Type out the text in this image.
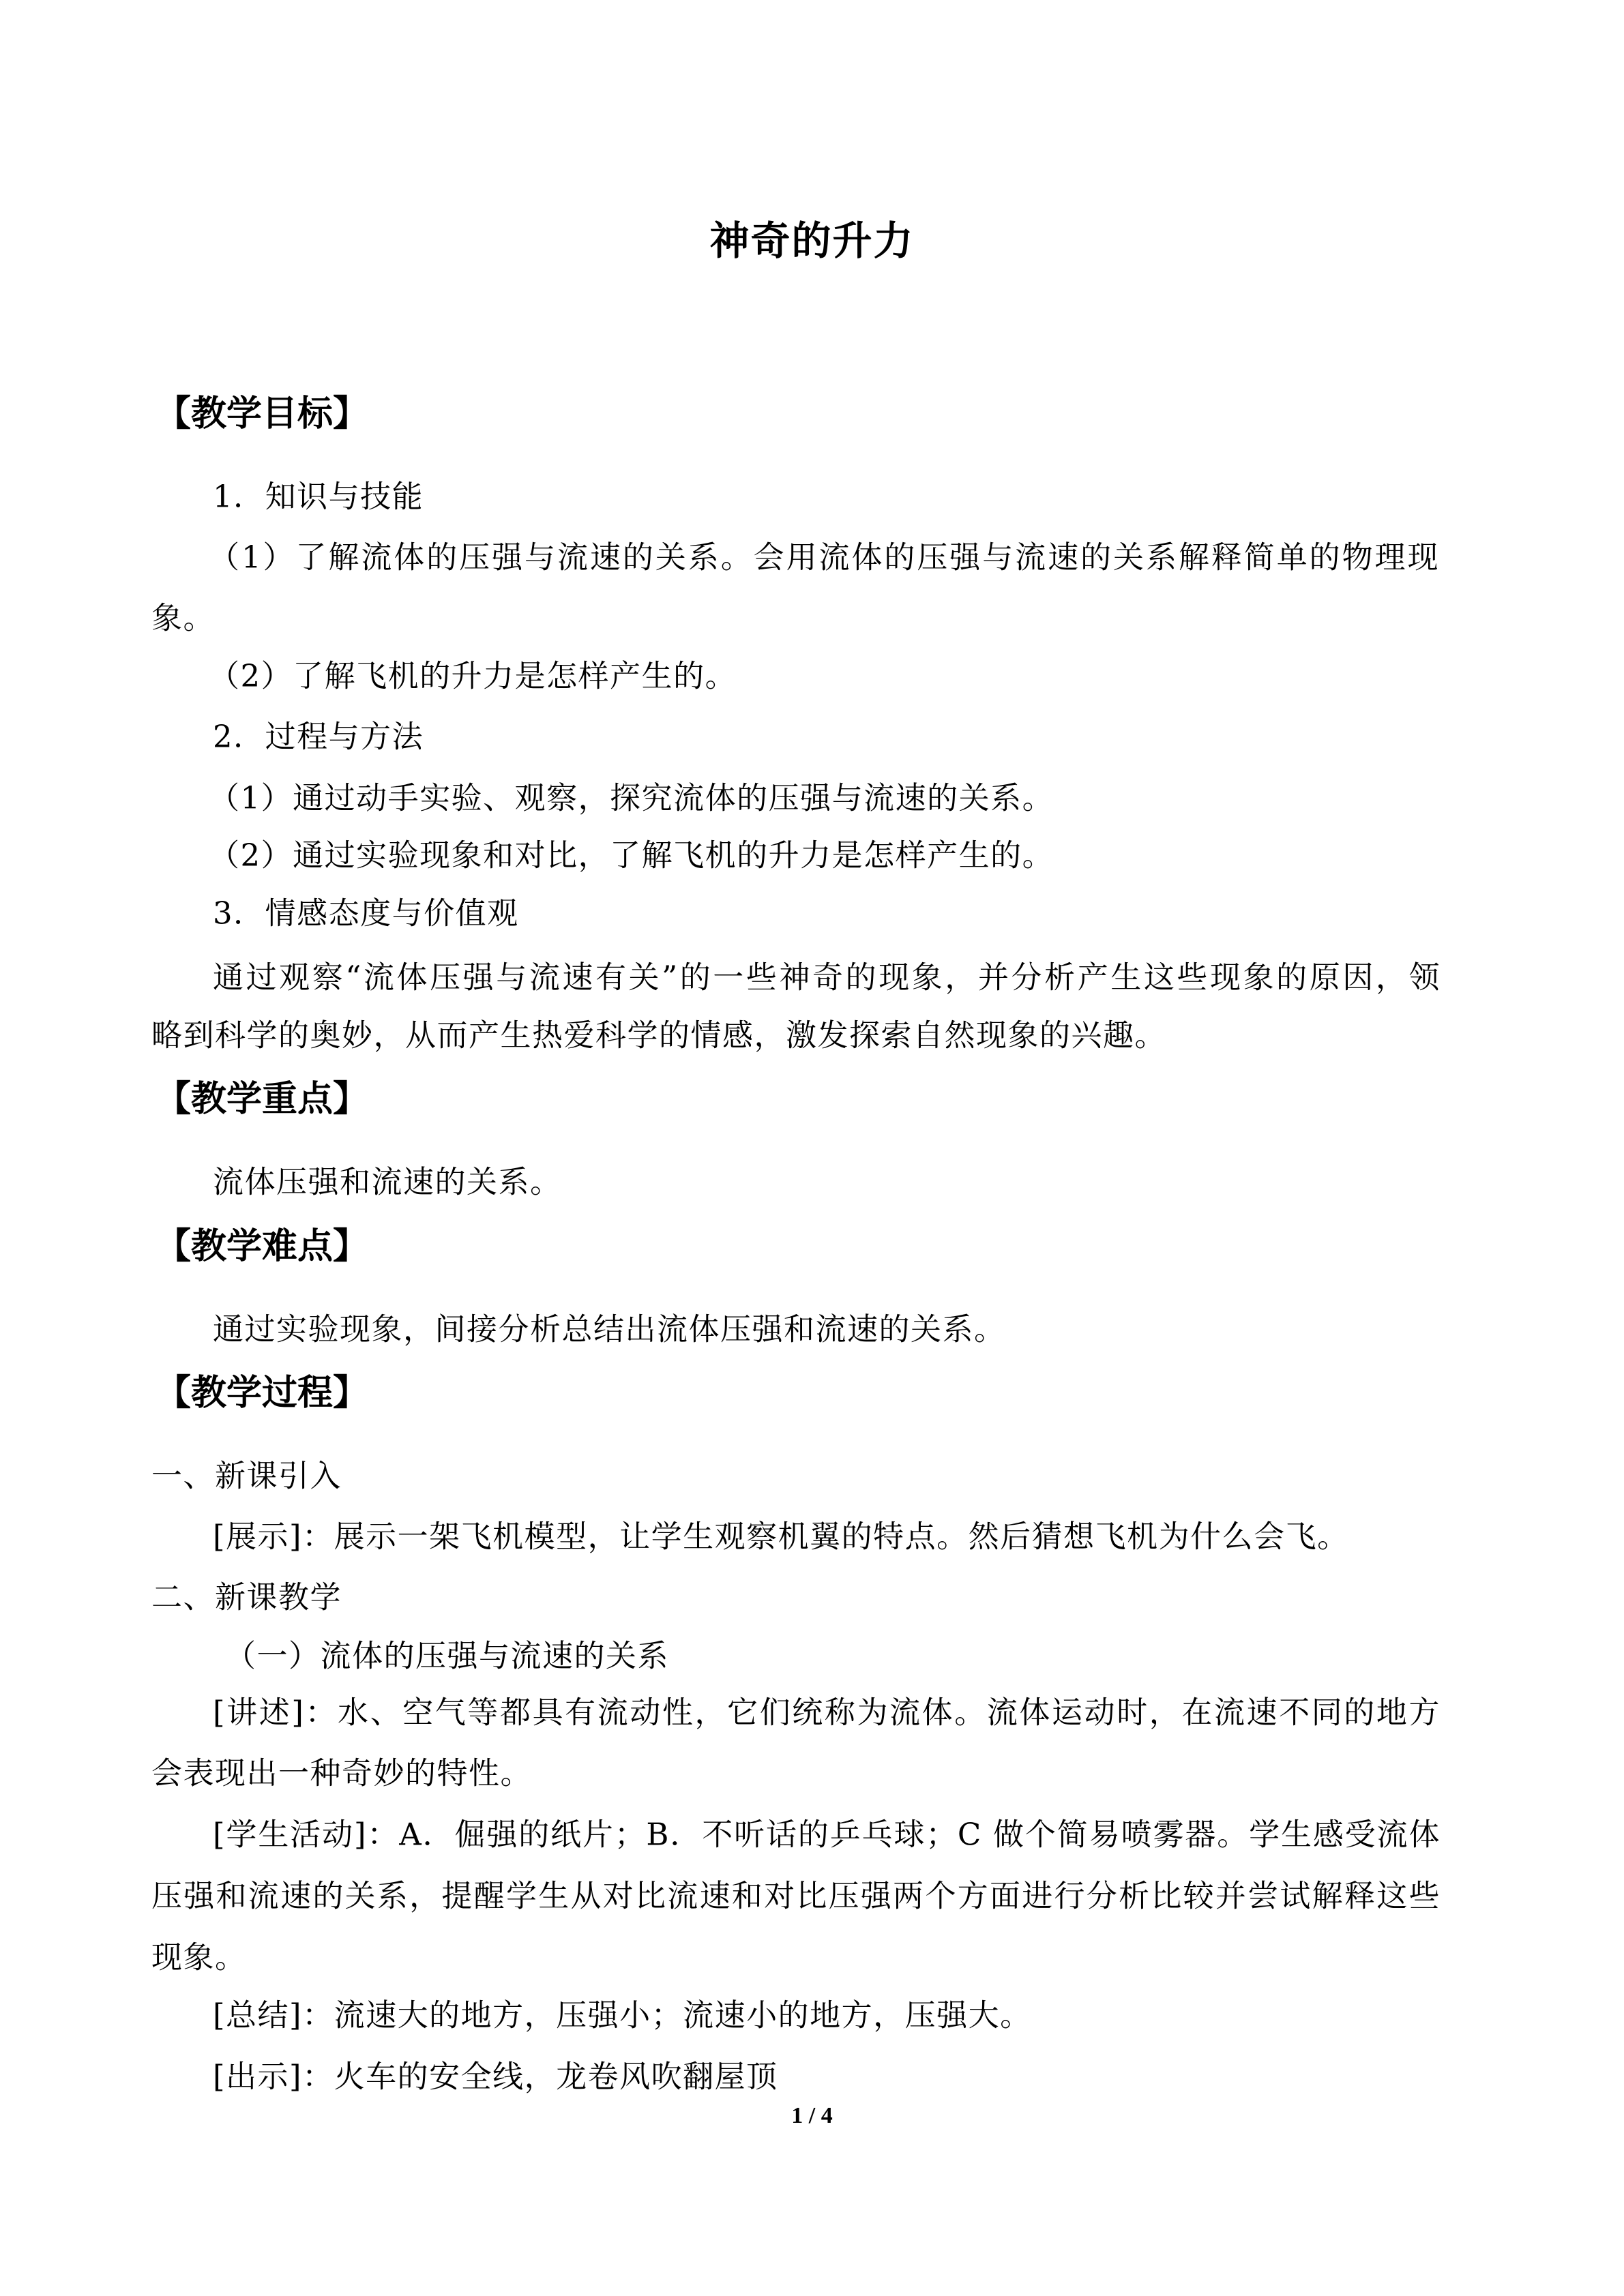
神奇的升力
【教学目标】
1．知识与技能
（1）了解流体的压强与流速的关系。会用流体的压强与流速的关系解释简单的物理现
象。
（2）了解飞机的升力是怎样产生的。
2．过程与方法
（1）通过动手实验、观察，探究流体的压强与流速的关系。
（2）通过实验现象和对比，了解飞机的升力是怎样产生的。
3．情感态度与价值观
通过观察“流体压强与流速有关”的一些神奇的现象，并分析产生这些现象的原因，领
略到科学的奥妙，从而产生热爱科学的情感，激发探索自然现象的兴趣。
【教学重点】
流体压强和流速的关系。
【教学难点】
通过实验现象，间接分析总结出流体压强和流速的关系。
【教学过程】
一、新课引入
[展示]：展示一架飞机模型，让学生观察机翼的特点。然后猜想飞机为什么会飞。
二、新课教学
（一）流体的压强与流速的关系
[讲述]：水、空气等都具有流动性，它们统称为流体。流体运动时，在流速不同的地方
会表现出一种奇妙的特性。
[学生活动]：A．倔强的纸片；B．不听话的乒乓球；C 做个简易喷雾器。学生感受流体
压强和流速的关系，提醒学生从对比流速和对比压强两个方面进行分析比较并尝试解释这些
现象。
[总结]：流速大的地方，压强小；流速小的地方，压强大。
[出示]：火车的安全线，龙卷风吹翻屋顶
1 / 4
